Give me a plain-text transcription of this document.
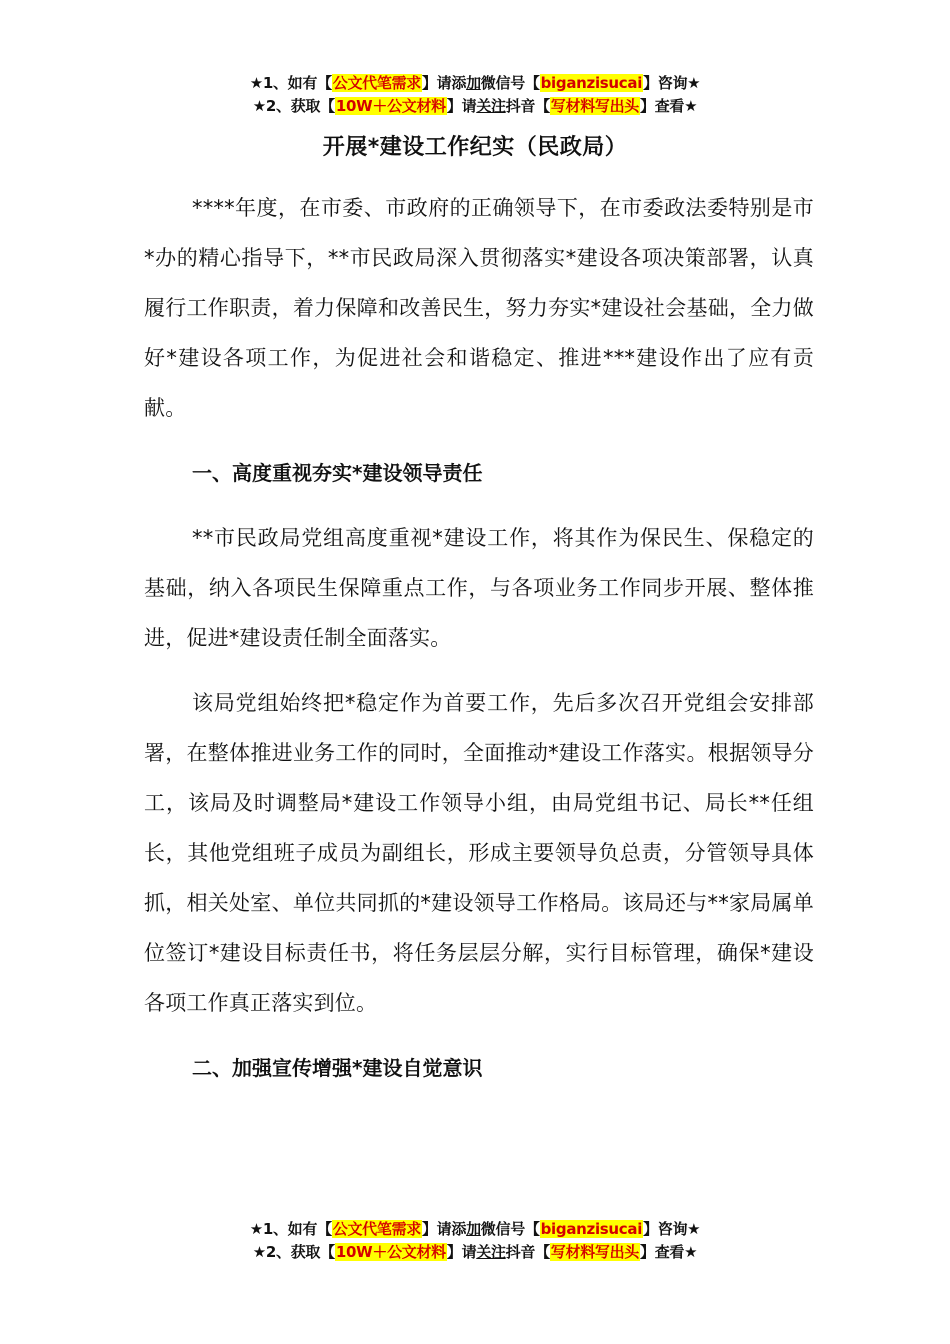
★1、如有【公文代笔需求】请添加微信号【biganzisucai】咨询★
★2、获取【10W＋公文材料】请关注抖音【写材料写出头】查看★
开展*建设工作纪实（民政局）

****年度，在市委、市政府的正确领导下，在市委政法委特别是市*办的精心指导下，**市民政局深入贯彻落实*建设各项决策部署，认真履行工作职责，着力保障和改善民生，努力夯实*建设社会基础，全力做好*建设各项工作，为促进社会和谐稳定、推进***建设作出了应有贡献。

一、高度重视夯实*建设领导责任

**市民政局党组高度重视*建设工作，将其作为保民生、保稳定的基础，纳入各项民生保障重点工作，与各项业务工作同步开展、整体推进，促进*建设责任制全面落实。

该局党组始终把*稳定作为首要工作，先后多次召开党组会安排部署，在整体推进业务工作的同时，全面推动*建设工作落实。根据领导分工，该局及时调整局*建设工作领导小组，由局党组书记、局长**任组长，其他党组班子成员为副组长，形成主要领导负总责，分管领导具体抓，相关处室、单位共同抓的*建设领导工作格局。该局还与**家局属单位签订*建设目标责任书，将任务层层分解，实行目标管理，确保*建设各项工作真正落实到位。

二、加强宣传增强*建设自觉意识

★1、如有【公文代笔需求】请添加微信号【biganzisucai】咨询★
★2、获取【10W＋公文材料】请关注抖音【写材料写出头】查看★
